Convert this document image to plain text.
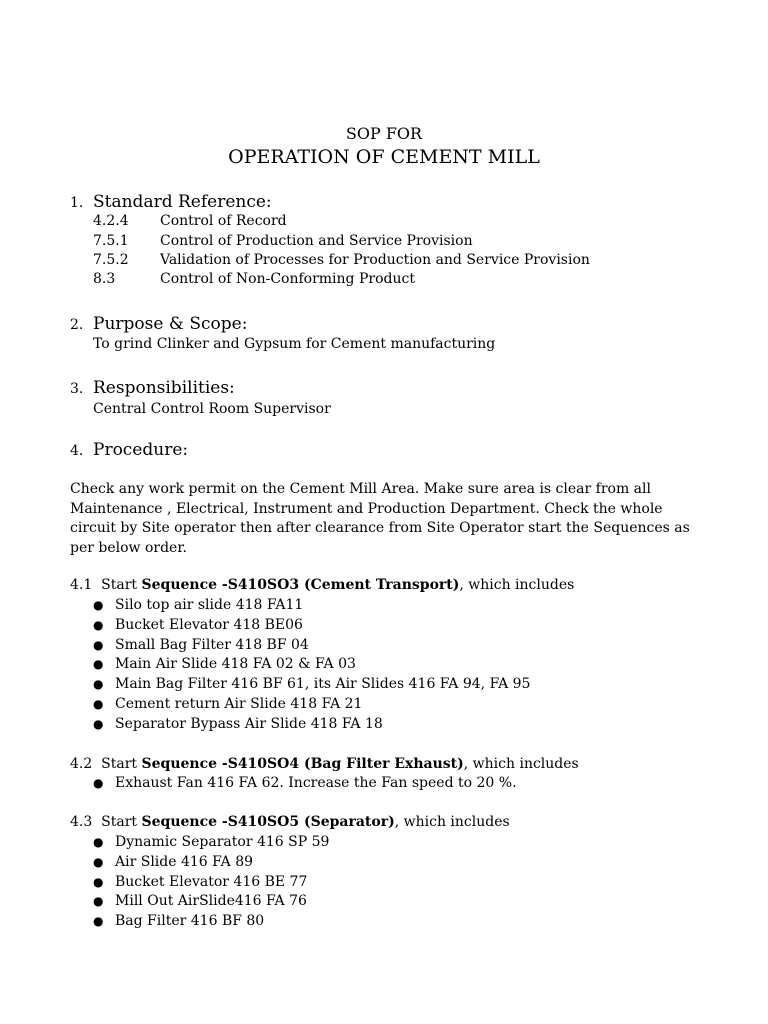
SOP FOR
OPERATION OF CEMENT MILL
1. Standard Reference:
4.2.4 Control of Record
7.5.1 Control of Production and Service Provision
7.5.2 Validation of Processes for Production and Service Provision
8.3	Control of Non-Conforming Product
2. Purpose & Scope:
To grind Clinker and Gypsum for Cement manufacturing
3. Responsibilities:
Central Control Room Supervisor
4. Procedure:
Check any work permit on the Cement Mill Area. Make sure area is clear from all Maintenance , Electrical, Instrument and Production Department. Check the whole circuit by Site operator then after clearance from Site Operator start the Sequences as per below order.
4.1 Start Sequence -S410SO3 (Cement Transport), which includes
● Silo top air slide 418 FA11
● Bucket Elevator 418 BE06
● Small Bag Filter 418 BF 04
● Main Air Slide 418 FA 02 & FA 03
● Main Bag Filter 416 BF 61, its Air Slides 416 FA 94, FA 95
● Cement return Air Slide 418 FA 21
● Separator Bypass Air Slide 418 FA 18
4.2 Start Sequence -S410SO4 (Bag Filter Exhaust), which includes
● Exhaust Fan 416 FA 62. Increase the Fan speed to 20 %.
4.3 Start Sequence -S410SO5 (Separator), which includes
● Dynamic Separator 416 SP 59
● Air Slide 416 FA 89
● Bucket Elevator 416 BE 77
● Mill Out AirSlide416 FA 76
● Bag Filter 416 BF 80
